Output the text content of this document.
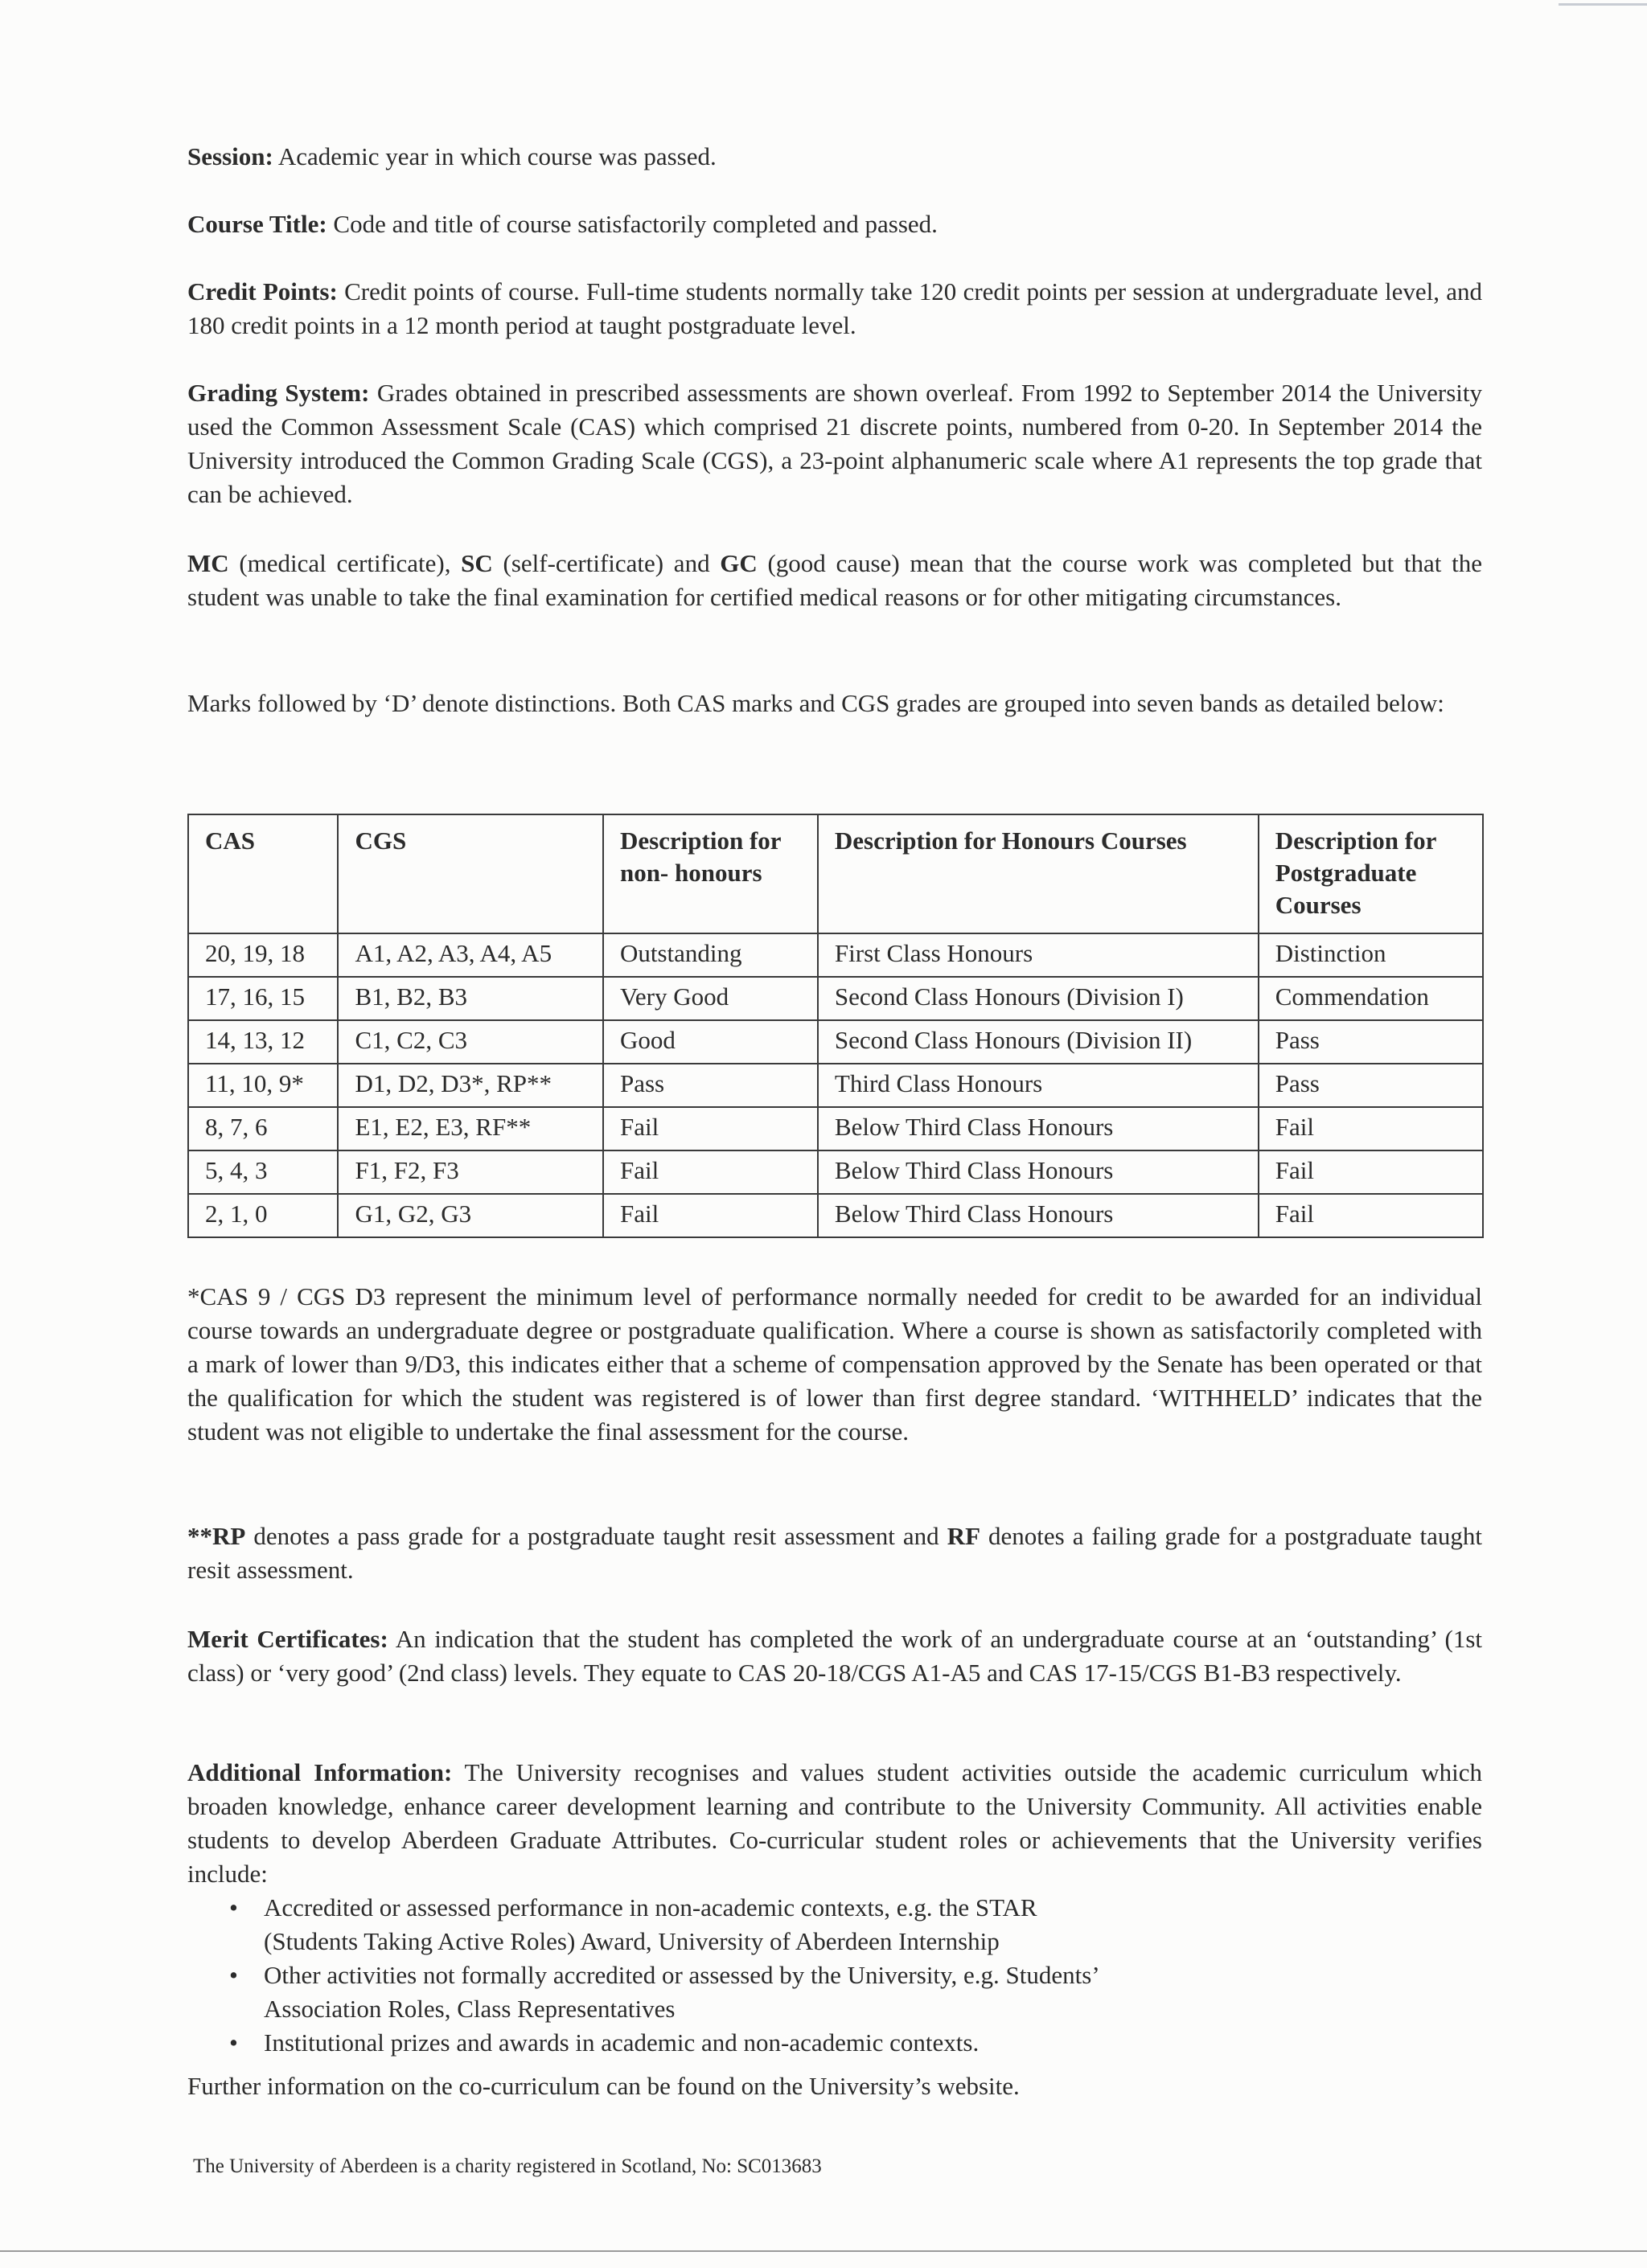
Session: Academic year in which course was passed.

Course Title: Code and title of course satisfactorily completed and passed.

Credit Points: Credit points of course. Full-time students normally take 120 credit points per session at undergraduate level, and 180 credit points in a 12 month period at taught postgraduate level.

Grading System: Grades obtained in prescribed assessments are shown overleaf. From 1992 to September 2014 the University used the Common Assessment Scale (CAS) which comprised 21 discrete points, numbered from 0-20. In September 2014 the University introduced the Common Grading Scale (CGS), a 23-point alphanumeric scale where A1 represents the top grade that can be achieved.

MC (medical certificate), SC (self-certificate) and GC (good cause) mean that the course work was completed but that the student was unable to take the final examination for certified medical reasons or for other mitigating circumstances.

Marks followed by ‘D’ denote distinctions. Both CAS marks and CGS grades are grouped into seven bands as detailed below:

CAS	CGS	Description for non- honours	Description for Honours Courses	Description for Postgraduate Courses
20, 19, 18	A1, A2, A3, A4, A5	Outstanding	First Class Honours	Distinction
17, 16, 15	B1, B2, B3	Very Good	Second Class Honours (Division I)	Commendation
14, 13, 12	C1, C2, C3	Good	Second Class Honours (Division II)	Pass
11, 10, 9*	D1, D2, D3*, RP**	Pass	Third Class Honours	Pass
8, 7, 6	E1, E2, E3, RF**	Fail	Below Third Class Honours	Fail
5, 4, 3	F1, F2, F3	Fail	Below Third Class Honours	Fail
2, 1, 0	G1, G2, G3	Fail	Below Third Class Honours	Fail

*CAS 9 / CGS D3 represent the minimum level of performance normally needed for credit to be awarded for an individual course towards an undergraduate degree or postgraduate qualification. Where a course is shown as satisfactorily completed with a mark of lower than 9/D3, this indicates either that a scheme of compensation approved by the Senate has been operated or that the qualification for which the student was registered is of lower than first degree standard. ‘WITHHELD’ indicates that the student was not eligible to undertake the final assessment for the course.

**RP denotes a pass grade for a postgraduate taught resit assessment and RF denotes a failing grade for a postgraduate taught resit assessment.

Merit Certificates: An indication that the student has completed the work of an undergraduate course at an ‘outstanding’ (1st class) or ‘very good’ (2nd class) levels. They equate to CAS 20-18/CGS A1-A5 and CAS 17-15/CGS B1-B3 respectively.

Additional Information: The University recognises and values student activities outside the academic curriculum which broaden knowledge, enhance career development learning and contribute to the University Community. All activities enable students to develop Aberdeen Graduate Attributes. Co-curricular student roles or achievements that the University verifies include:

• Accredited or assessed performance in non-academic contexts, e.g. the STAR
(Students Taking Active Roles) Award, University of Aberdeen Internship
• Other activities not formally accredited or assessed by the University, e.g. Students’
Association Roles, Class Representatives
• Institutional prizes and awards in academic and non-academic contexts.

Further information on the co-curriculum can be found on the University’s website.

The University of Aberdeen is a charity registered in Scotland, No: SC013683
